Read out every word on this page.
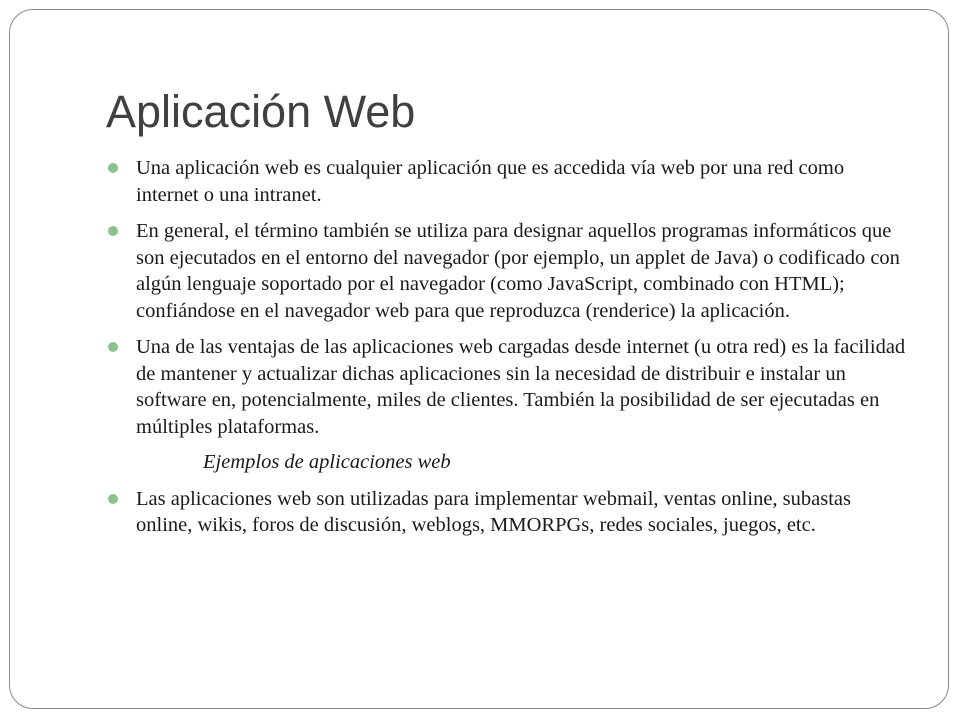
Aplicación Web
Una aplicación web es cualquier aplicación que es accedida vía web por una red como internet o una intranet.
En general, el término también se utiliza para designar aquellos programas informáticos que son ejecutados en el entorno del navegador (por ejemplo, un applet de Java) o codificado con algún lenguaje soportado por el navegador (como JavaScript, combinado con HTML); confiándose en el navegador web para que reproduzca (renderice) la aplicación.
Una de las ventajas de las aplicaciones web cargadas desde internet (u otra red) es la facilidad de mantener y actualizar dichas aplicaciones sin la necesidad de distribuir e instalar un software en, potencialmente, miles de clientes. También la posibilidad de ser ejecutadas en múltiples plataformas.
Ejemplos de aplicaciones web
Las aplicaciones web son utilizadas para implementar webmail, ventas online, subastas online, wikis, foros de discusión, weblogs, MMORPGs, redes sociales, juegos, etc.
